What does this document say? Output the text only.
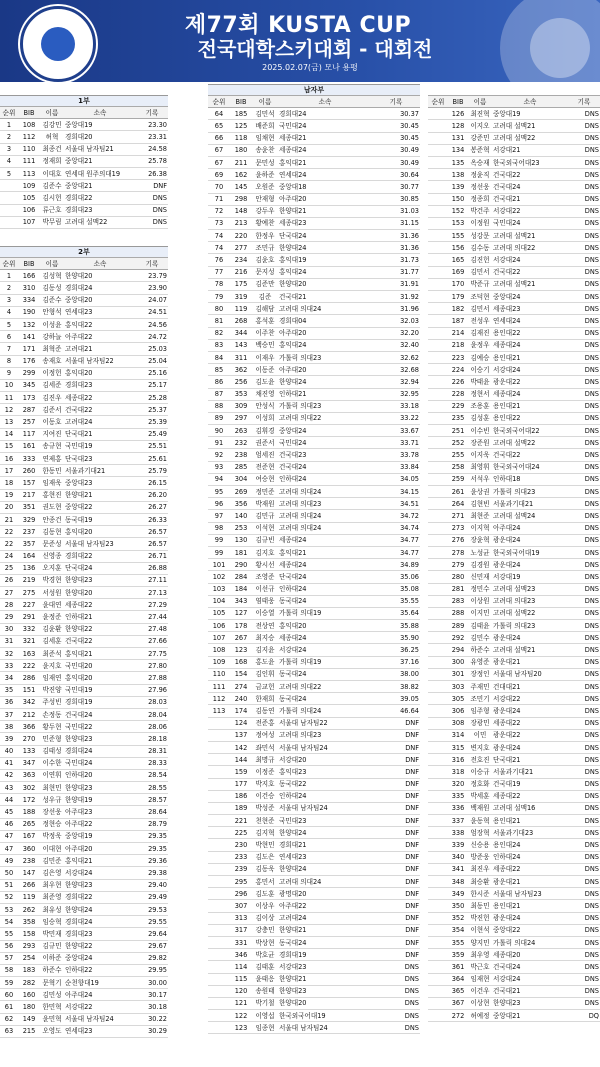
제77회 KUSTA CUP
전국대학스키대회 - 대회전
2025.02.07(금) 모나 용평
남자부
1부
순위	BIB	이름	소속	기록
1	108	김강민	중앙대19	23.30
2	112	허혁	경희대20	23.31
3	110	최종건	서울대 남자팀21	24.58
4	111	정재희	중앙대21	25.78
5	113	이대호	연세대 원주의대19	26.38
	109	김준수	중앙대21	DNF
	105	김시헌	경희대22	DNS
	106	류근호	경희대23	DNS
	107	박무림	고려대 설맥22	DNS
2부
순위	BIB	이름	소속	기록
1	166	김성혁	한양대20	23.79
2	310	김동성	경희대24	23.90
3	334	김준수	중앙대20	24.07
4	190	안형석	연세대23	24.51
5	132	이성윤	홍익대22	24.56
6	141	강하늘	아주대22	24.72
7	171	최혁준	고려대21	25.03
8	176	송재호	서울대 남자팀22	25.04
9	299	이정헌	홍익대20	25.16
10	345	김세준	경희대23	25.17
11	173	김진우	세종대22	25.28
12	287	김준서	건국대22	25.37
13	257	이동호	고려대24	25.39
14	117	지여진	단국대21	25.49
15	161	송규현	국민대19	25.51
16	333	연제홍	단국대23	25.61
17	260	한동민	서울과기대21	25.79
18	157	임재욱	중앙대23	26.15
19	217	홍현진	한양대21	26.20
20	351	권도현	중앙대22	26.27
21	329	안종건	동국대19	26.33
22	237	김동현	홍익대20	26.57
22	357	문준성	서울대 남자팀23	26.57
24	164	신영종	경희대22	26.71
25	136	오지훈	단국대24	26.88
26	219	박경현	한양대23	27.11
27	275	서성원	한양대20	27.13
28	227	윤대연	세종대22	27.29
29	291	윤정준	인하대21	27.44
30	332	김윤환	한양대22	27.48
31	321	김세훈	건국대22	27.66
32	163	최준석	홍익대21	27.75
33	222	윤지호	국민대20	27.80
34	286	임재연	홍익대20	27.88
35	151	박진양	국민대19	27.96
36	342	주성빈	경희대19	28.03
37	212	손정동	건국대24	28.04
38	366	황두현	국민대22	28.06
39	270	민준형	한양대23	28.18
40	133	김태성	경희대24	28.31
41	347	이수한	국민대24	28.33
42	363	이연휘	인하대20	28.54
43	302	최현민	한양대23	28.55
44	172	성우규	한양대19	28.57
45	188	장선웅	아주대23	28.64
46	265	정현승	아주대22	28.79
47	167	박정욱	중앙대19	29.35
47	360	이대현	아주대20	29.35
49	238	김민준	홍익대21	29.36
50	147	김은영	서강대24	29.38
51	266	최우현	한양대23	29.40
52	119	최준영	경희대22	29.49
53	262	최유성	한양대24	29.53
54	358	임승혁	경희대24	29.55
55	158	박민재	경희대23	29.64
56	293	김규민	한양대22	29.67
57	254	이하준	중앙대24	29.82
58	183	하준수	인하대22	29.95
59	282	문혁기	순천향대19	30.00
60	160	김민성	아주대24	30.17
61	180	한민혁	서강대22	30.18
62	149	윤민혁	서울대 남자팀24	30.22
63	215	오영도	연세대23	30.29
순위	BIB	이름	소속	기록
64	185	김민석	경희대24	30.37
65	125	배준희	국민대24	30.45
66	118	임채현	세종대21	30.45
67	180	송윤찬	세종대24	30.49
67	211	문민성	홍익대21	30.49
69	162	윤하준	연세대24	30.64
70	145	오원준	중앙대18	30.77
71	298	안재형	아주대20	30.85
72	148	강두우	한양대21	31.03
73	213	황예찬	세종대23	31.15
74	220	한정우	단국대24	31.36
74	277	조민규	한양대24	31.36
76	234	김윤호	홍익대19	31.73
77	216	문지성	홍익대24	31.77
78	175	김준만	한양대20	31.91
79	319	김준	건국대21	31.92
80	119	김해담	고려대 의대24	31.96
81	268	홍석훈	경희대04	32.03
82	344	이주찬	아주대20	32.20
83	143	백승민	홍익대24	32.40
84	311	이재우	가톨릭 의대23	32.62
85	362	이동준	아주대20	32.68
86	256	김도윤	한양대24	32.94
87	353	채진영	인하대21	32.95
88	309	안성식	가톨릭 의대23	33.18
89	297	이성희	고려대 의대22	33.22
90	263	김휘경	중앙대24	33.67
91	232	권준서	국민대24	33.71
92	238	엄세진	건국대23	33.78
93	285	전준현	건국대24	33.84
94	304	여승현	인하대24	34.05
95	269	정민준	고려대 의대24	34.15
96	356	박재원	고려대 의대23	34.51
97	140	김민규	고려대 의대24	34.72
98	253	이석현	고려대 의대24	34.74
99	130	김규빈	세종대24	34.77
99	181	김지호	홍익대21	34.77
101	290	황시선	세종대24	34.89
102	284	조영준	단국대24	35.06
103	184	이선규	인하대24	35.08
104	343	염태웅	동국대24	35.55
105	127	이승열	가톨릭 의대19	35.64
106	178	전상연	홍익대20	35.88
107	267	최지승	세종대24	35.90
108	123	김지윤	서강대24	36.25
109	168	홍도윤	가톨릭 의대19	37.16
110	154	김인휘	동국대24	38.00
111	274	금교헌	고려대 의대22	38.82
112	240	한재희	동국대24	39.05
113	174	김동연	가톨릭 의대24	46.64
	124	전준홍	서울대 남자팀22	DNF
	137	정여성	고려대 의대23	DNF
	142	좌민석	서울대 남자팀24	DNF
	144	최명규	서강대20	DNF
	159	이정준	홍익대23	DNF
	177	박지호	동국대22	DNF
	186	이건승	인하대24	DNF
	189	박성준	서울대 남자팀24	DNF
	221	천현준	국민대23	DNF
	225	김지혁	한양대24	DNF
	230	박현민	경희대21	DNF
	233	김도은	연세대23	DNF
	239	김동욱	한양대24	DNF
	295	홍민서	고려대 의대24	DNF
	296	김도훈	광명대20	DNF
	307	이상우	아주대22	DNF
	313	김이상	고려대24	DNF
	317	강충민	한양대21	DNF
	331	박상현	동국대24	DNF
	346	박호균	경희대19	DNF
	114	김태훈	서강대23	DNS
	115	윤태응	한양대21	DNS
	120	송원태	한양대23	DNS
	121	박기철	한양대20	DNS
	122	이영섭	한국외국어대19	DNS
	123	임종현	서울대 남자팀24	DNS
순위	BIB	이름	소속	기록
	126	최진혁	중앙대19	DNS
	128	이지오	고려대 설맥21	DNS
	131	강준민	고려대 설맥22	DNS
	134	봉준혁	서강대21	DNS
	135	옥승재	한국외국어대23	DNS
	138	정윤직	건국대22	DNS
	139	정선웅	건국대24	DNS
	150	정종희	건국대21	DNS
	152	박건주	서강대22	DNS
	153	이정원	국민대24	DNS
	155	성강문	고려대 설맥21	DNS
	156	김수동	고려대 의대22	DNS
	165	김진헌	서강대24	DNS
	169	김민서	건국대22	DNS
	170	박준규	고려대 설맥21	DNS
	179	조덕현	중앙대24	DNS
	182	김민서	세종대23	DNS
	187	전성우	연세대24	DNS
	214	김재진	용인대22	DNS
	218	윤정우	세종대24	DNS
	223	김예승	용인대21	DNS
	224	이승기	서강대24	DNS
	226	박태윤	광운대22	DNS
	228	정현서	세종대24	DNS
	229	조용훈	용인대21	DNS
	235	김성훈	용인대22	DNS
	251	이수빈	한국외국어대22	DNS
	252	장준원	고려대 설맥22	DNS
	255	이지욱	건국대22	DNS
	258	최영휘	한국외국어대24	DNS
	259	서석우	인하대18	DNS
	261	윤상권	가톨릭 의대23	DNS
	264	김현빈	서울과기대21	DNS
	271	최현준	고려대 설맥24	DNS
	273	이지혁	아주대24	DNS
	276	장윤혁	광운대24	DNS
	278	노성균	한국외국어대19	DNS
	279	김경원	광운대24	DNS
	280	신민재	서강대19	DNS
	281	정민수	고려대 설맥23	DNS
	283	이상원	고려대 의대23	DNS
	288	이지민	고려대 설맥22	DNS
	289	김태윤	가톨릭 의대23	DNS
	292	김민수	광운대24	DNS
	294	하준수	고려대 설맥21	DNS
	300	유영준	광운대21	DNS
	301	장정인	서울대 남자팀20	DNS
	303	주재민	건대대21	DNS
	305	조민기	서강대22	DNS
	306	임주형	광운대24	DNS
	308	장광민	세종대22	DNS
	314	이민	광운대22	DNS
	315	변지호	광운대24	DNS
	316	전호진	단국대21	DNS
	318	이승규	서울과기대21	DNS
	320	정호화	건국대19	DNS
	335	박세훈	세종대22	DNS
	336	백재원	고려대 설맥16	DNS
	337	윤동혁	용인대21	DNS
	338	엄장혁	서울과기대23	DNS
	339	신승용	용인대24	DNS
	340	방준웅	인하대24	DNS
	341	최진우	세종대22	DNS
	348	최승환	광운대21	DNS
	349	한시준	서울대 남자팀23	DNS
	350	최동민	용인대21	DNS
	352	박진헌	광운대24	DNS
	354	이현석	중앙대22	DNS
	355	양지민	가톨릭 의대24	DNS
	359	최우영	세종대20	DNS
	361	박근호	건국대24	DNS
	364	임재현	서강대24	DNS
	365	이건우	건국대21	DNS
	367	이상현	한양대23	DNS
	272	허예정	중앙대21	DQ
